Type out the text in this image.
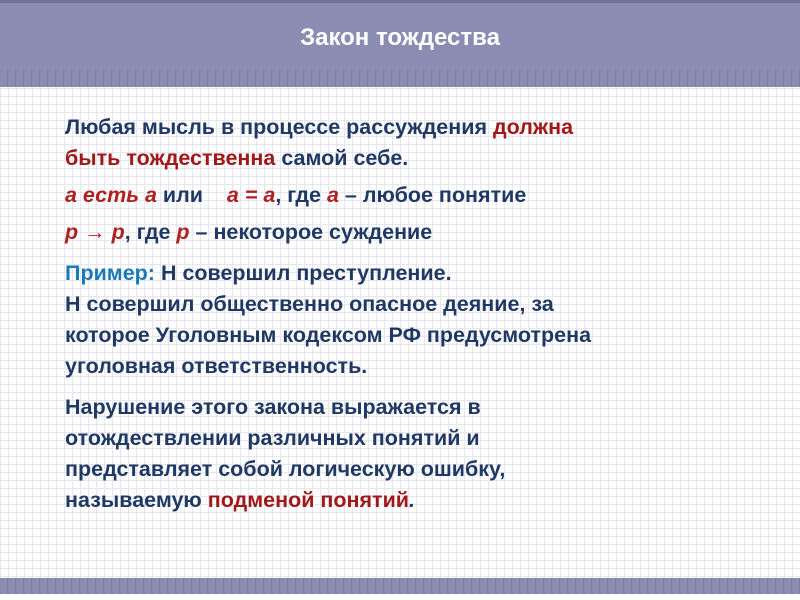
Закон тождества

Любая мысль в процессе рассуждения должна
быть тождественна самой себе.

а есть а или    а = а, где а – любое понятие

р → р, где р – некоторое суждение

Пример: Н совершил преступление.
Н совершил общественно опасное деяние, за
которое Уголовным кодексом РФ предусмотрена
уголовная ответственность.

Нарушение этого закона выражается в
отождествлении различных понятий и
представляет собой логическую ошибку,
называемую подменой понятий.
